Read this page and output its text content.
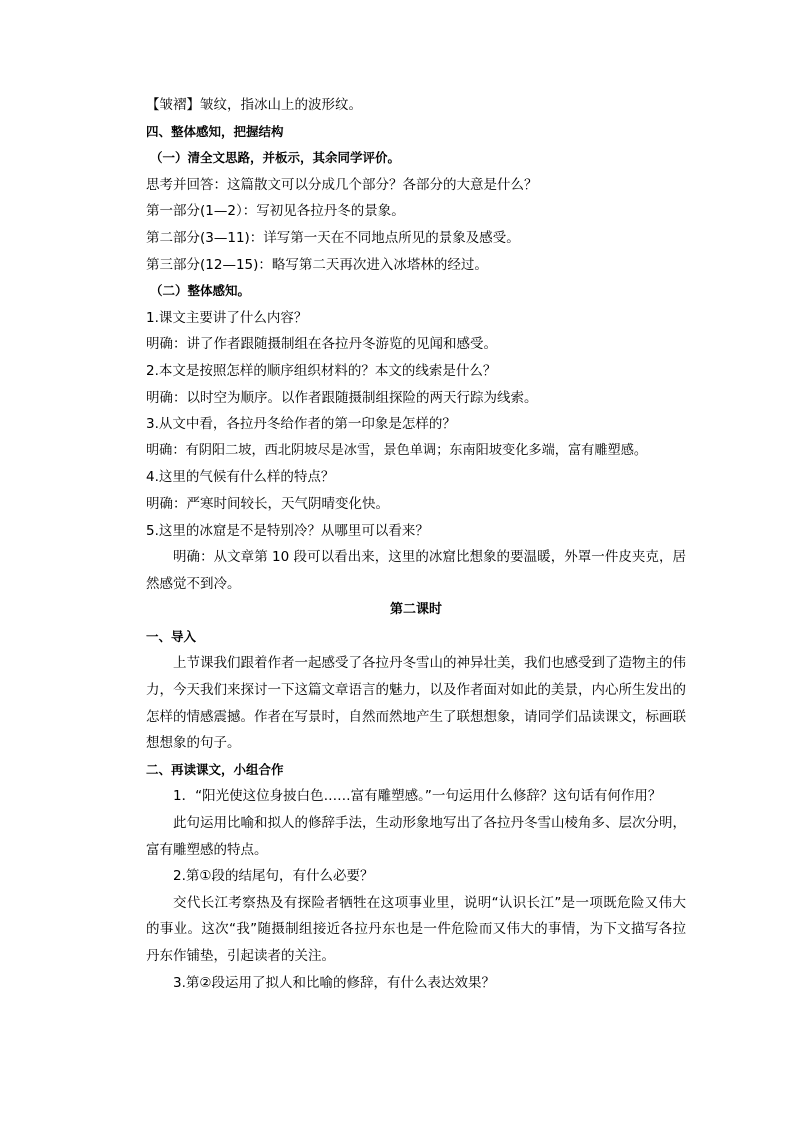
【皱褶】皱纹，指冰山上的波形纹。
四、整体感知，把握结构
（一）清全文思路，并板示，其余同学评价。
思考并回答：这篇散文可以分成几个部分？各部分的大意是什么？
第一部分(1—2）：写初见各拉丹冬的景象。
第二部分(3—11)：详写第一天在不同地点所见的景象及感受。
第三部分(12—15)：略写第二天再次进入冰塔林的经过。
（二）整体感知。
1.课文主要讲了什么内容？
明确：讲了作者跟随摄制组在各拉丹冬游览的见闻和感受。
2.本文是按照怎样的顺序组织材料的？本文的线索是什么？
明确：以时空为顺序。以作者跟随摄制组探险的两天行踪为线索。
3.从文中看，各拉丹冬给作者的第一印象是怎样的？
明确：有阴阳二坡，西北阴坡尽是冰雪，景色单调；东南阳坡变化多端，富有雕塑感。
4.这里的气候有什么样的特点？
明确：严寒时间较长，天气阴晴变化快。
5.这里的冰窟是不是特别冷？从哪里可以看来？

明确：从文章第 10 段可以看出来，这里的冰窟比想象的要温暖，外罩一件皮夹克，居然感觉不到冷。

第二课时
一、导入

上节课我们跟着作者一起感受了各拉丹冬雪山的神异壮美，我们也感受到了造物主的伟力，今天我们来探讨一下这篇文章语言的魅力，以及作者面对如此的美景，内心所生发出的怎样的情感震撼。作者在写景时，自然而然地产生了联想想象，请同学们品读课文，标画联想想象的句子。

二、再读课文，小组合作
1．“阳光使这位身披白色……富有雕塑感。”一句运用什么修辞？这句话有何作用？

此句运用比喻和拟人的修辞手法，生动形象地写出了各拉丹冬雪山棱角多、层次分明，富有雕塑感的特点。

2.第①段的结尾句，有什么必要？

交代长江考察热及有探险者牺牲在这项事业里，说明“认识长江”是一项既危险又伟大的事业。这次“我”随摄制组接近各拉丹东也是一件危险而又伟大的事情，为下文描写各拉丹东作铺垫，引起读者的关注。

3.第②段运用了拟人和比喻的修辞，有什么表达效果？
